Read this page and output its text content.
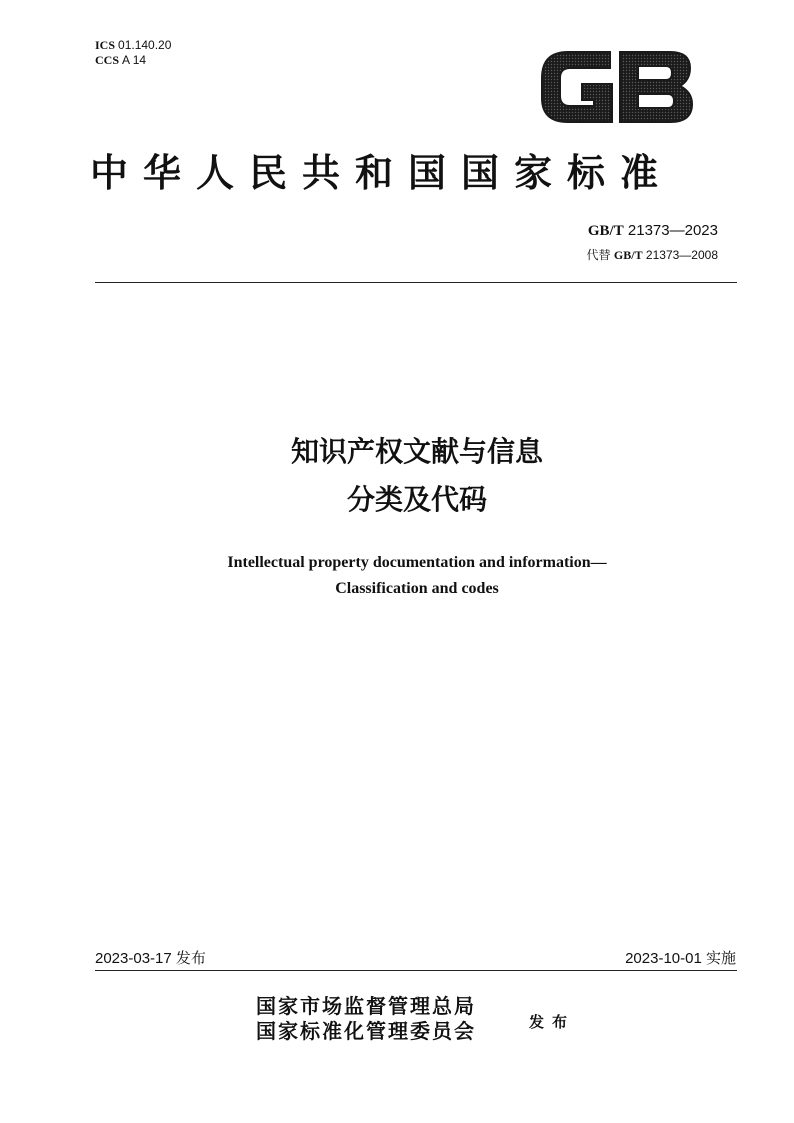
ICS 01.140.20
CCS A 14
中华人民共和国国家标准
GB/T 21373—2023
代替 GB/T 21373—2008
知识产权文献与信息
分类及代码
Intellectual property documentation and information—
Classification and codes
2023-03-17 发布	2023-10-01 实施
国家市场监督管理总局
国家标准化管理委员会	发布
